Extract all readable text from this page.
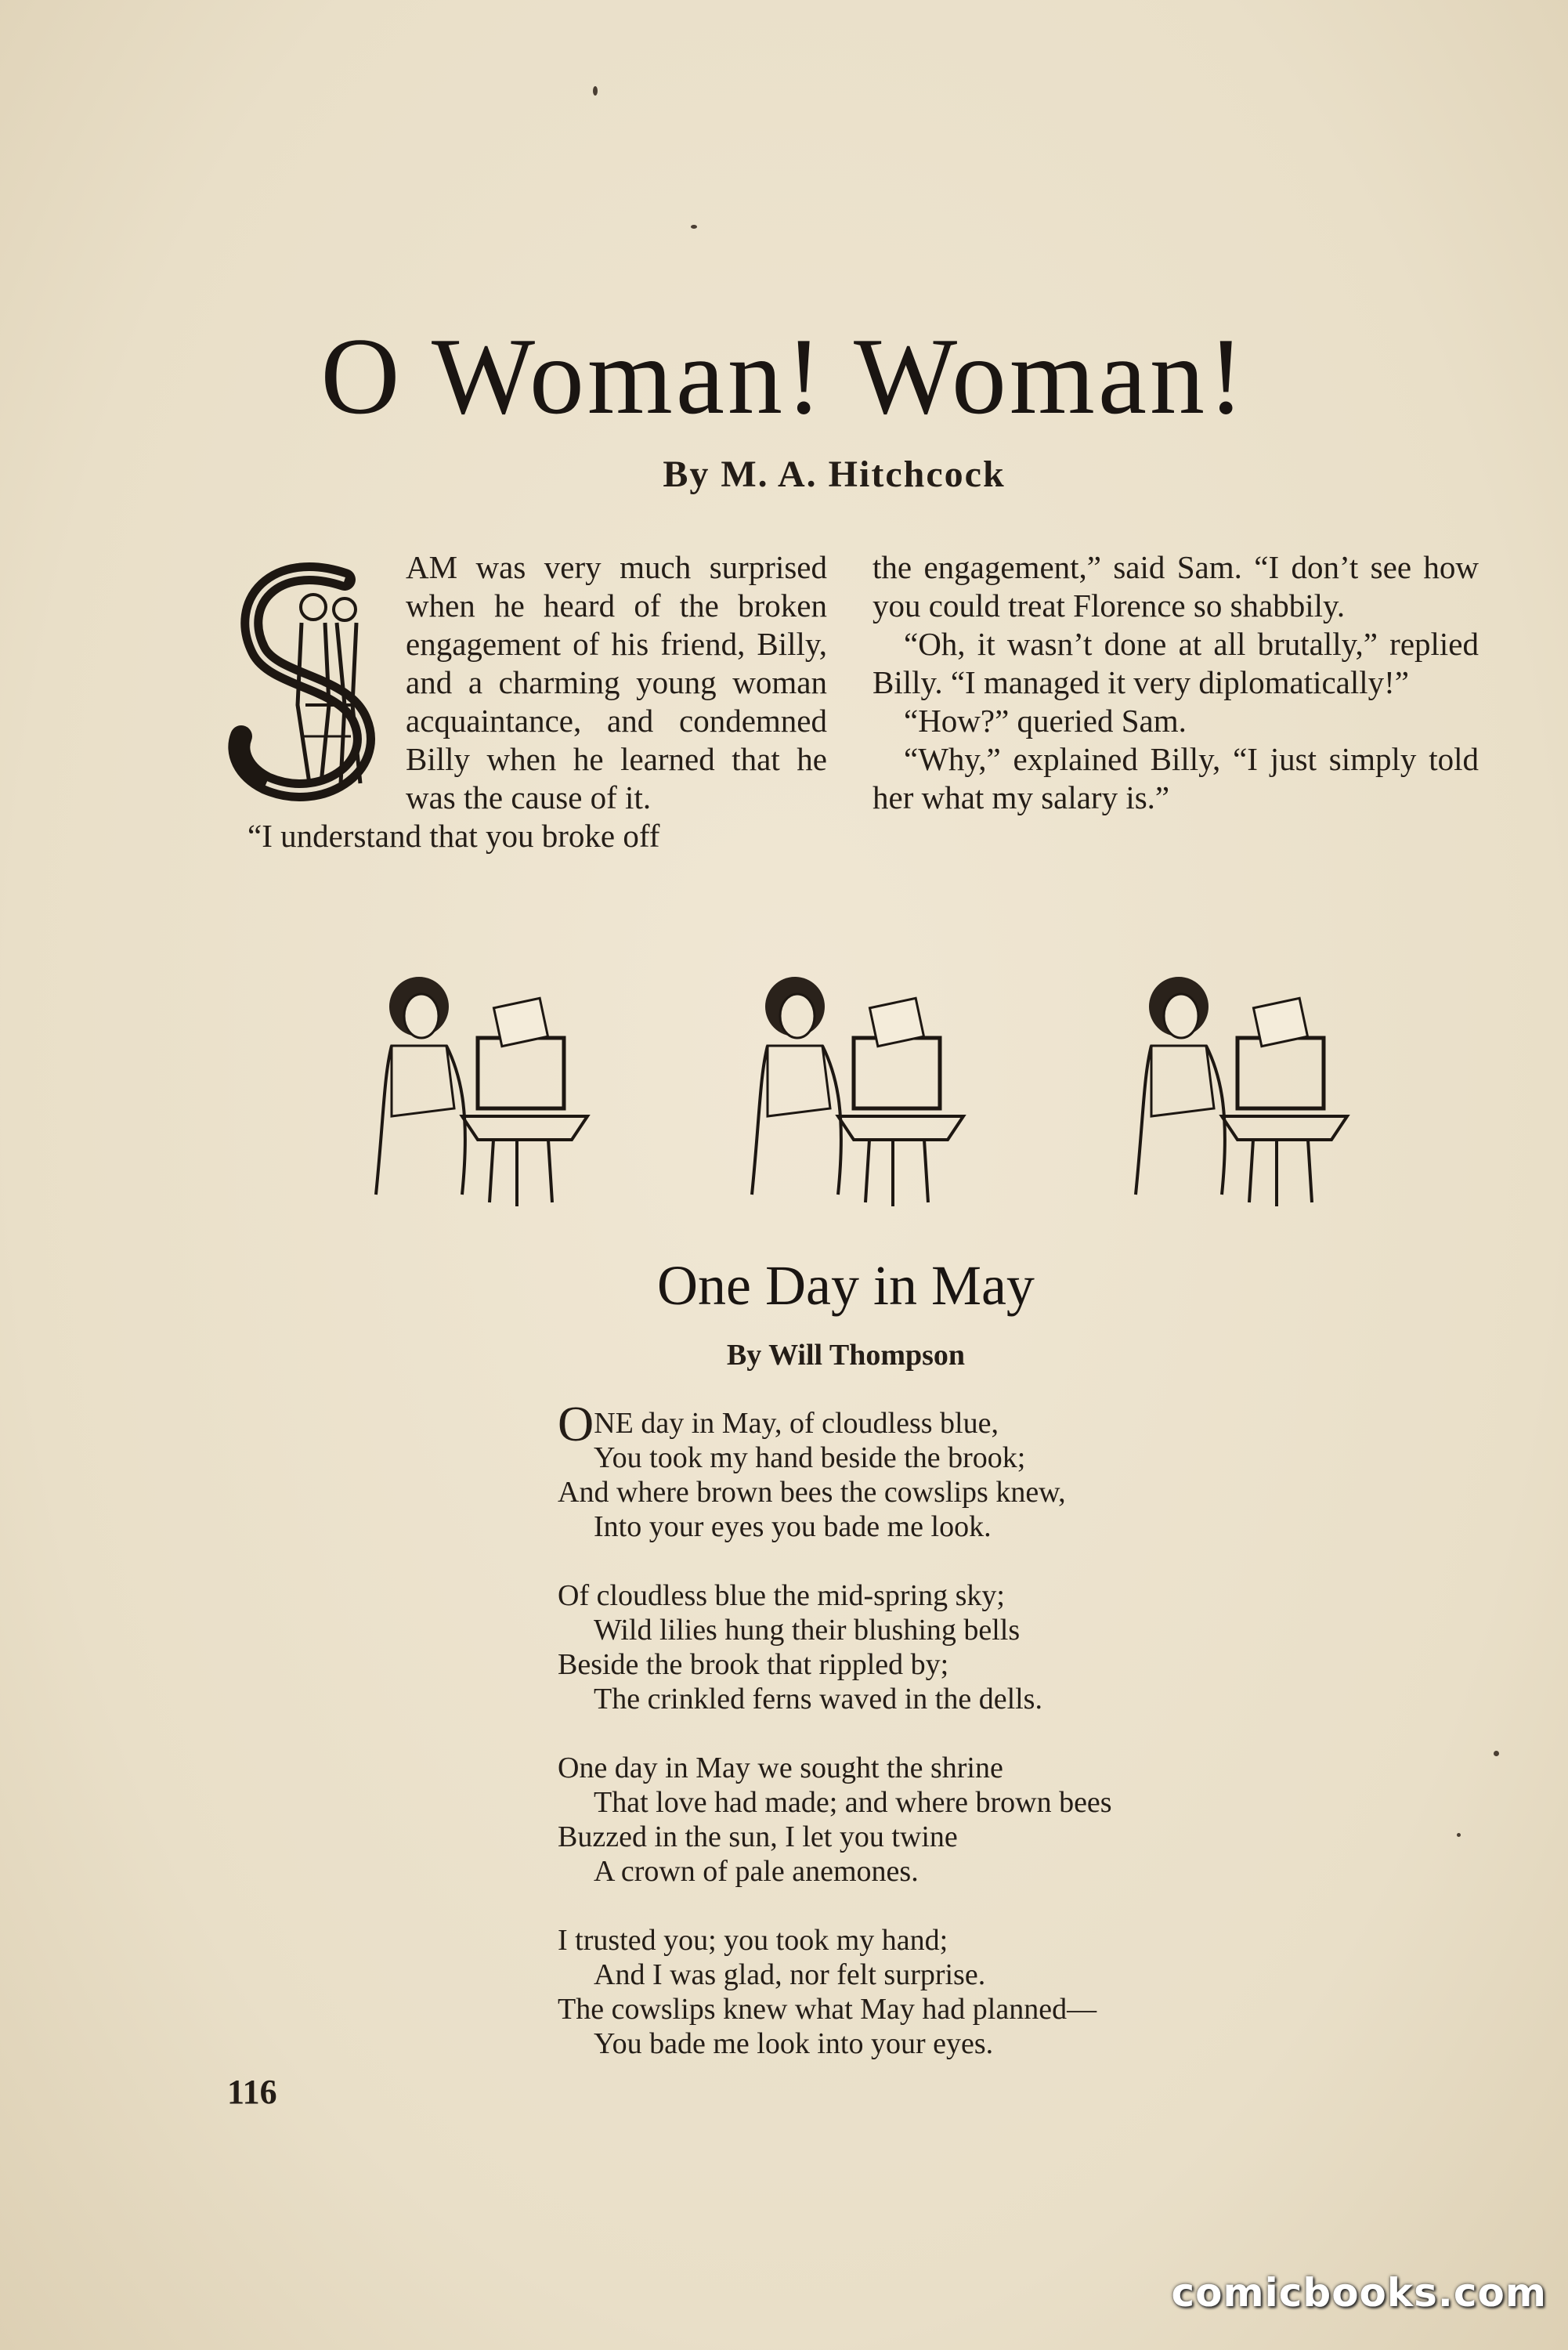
O Woman! Woman!
By M. A. Hitchcock

AM was very much surprised when he heard of the broken engagement of his friend, Billy, and a charming young woman acquaintance, and condemned Billy when he learned that he was the cause of it.

“I understand that you broke off

the engagement,” said Sam. “I don’t see how you could treat Florence so shabbily.

“Oh, it wasn’t done at all brutally,” replied Billy. “I managed it very diplomatically!”

“How?” queried Sam.

“Why,” explained Billy, “I just simply told her what my salary is.”

One Day in May
By Will Thompson
ONE day in May, of cloudless blue,
You took my hand beside the brook;
And where brown bees the cowslips knew,
Into your eyes you bade me look.
Of cloudless blue the mid-spring sky;
Wild lilies hung their blushing bells
Beside the brook that rippled by;
The crinkled ferns waved in the dells.
One day in May we sought the shrine
That love had made; and where brown bees
Buzzed in the sun, I let you twine
A crown of pale anemones.
I trusted you; you took my hand;
And I was glad, nor felt surprise.
The cowslips knew what May had planned—
You bade me look into your eyes.
116
comicbooks.com
